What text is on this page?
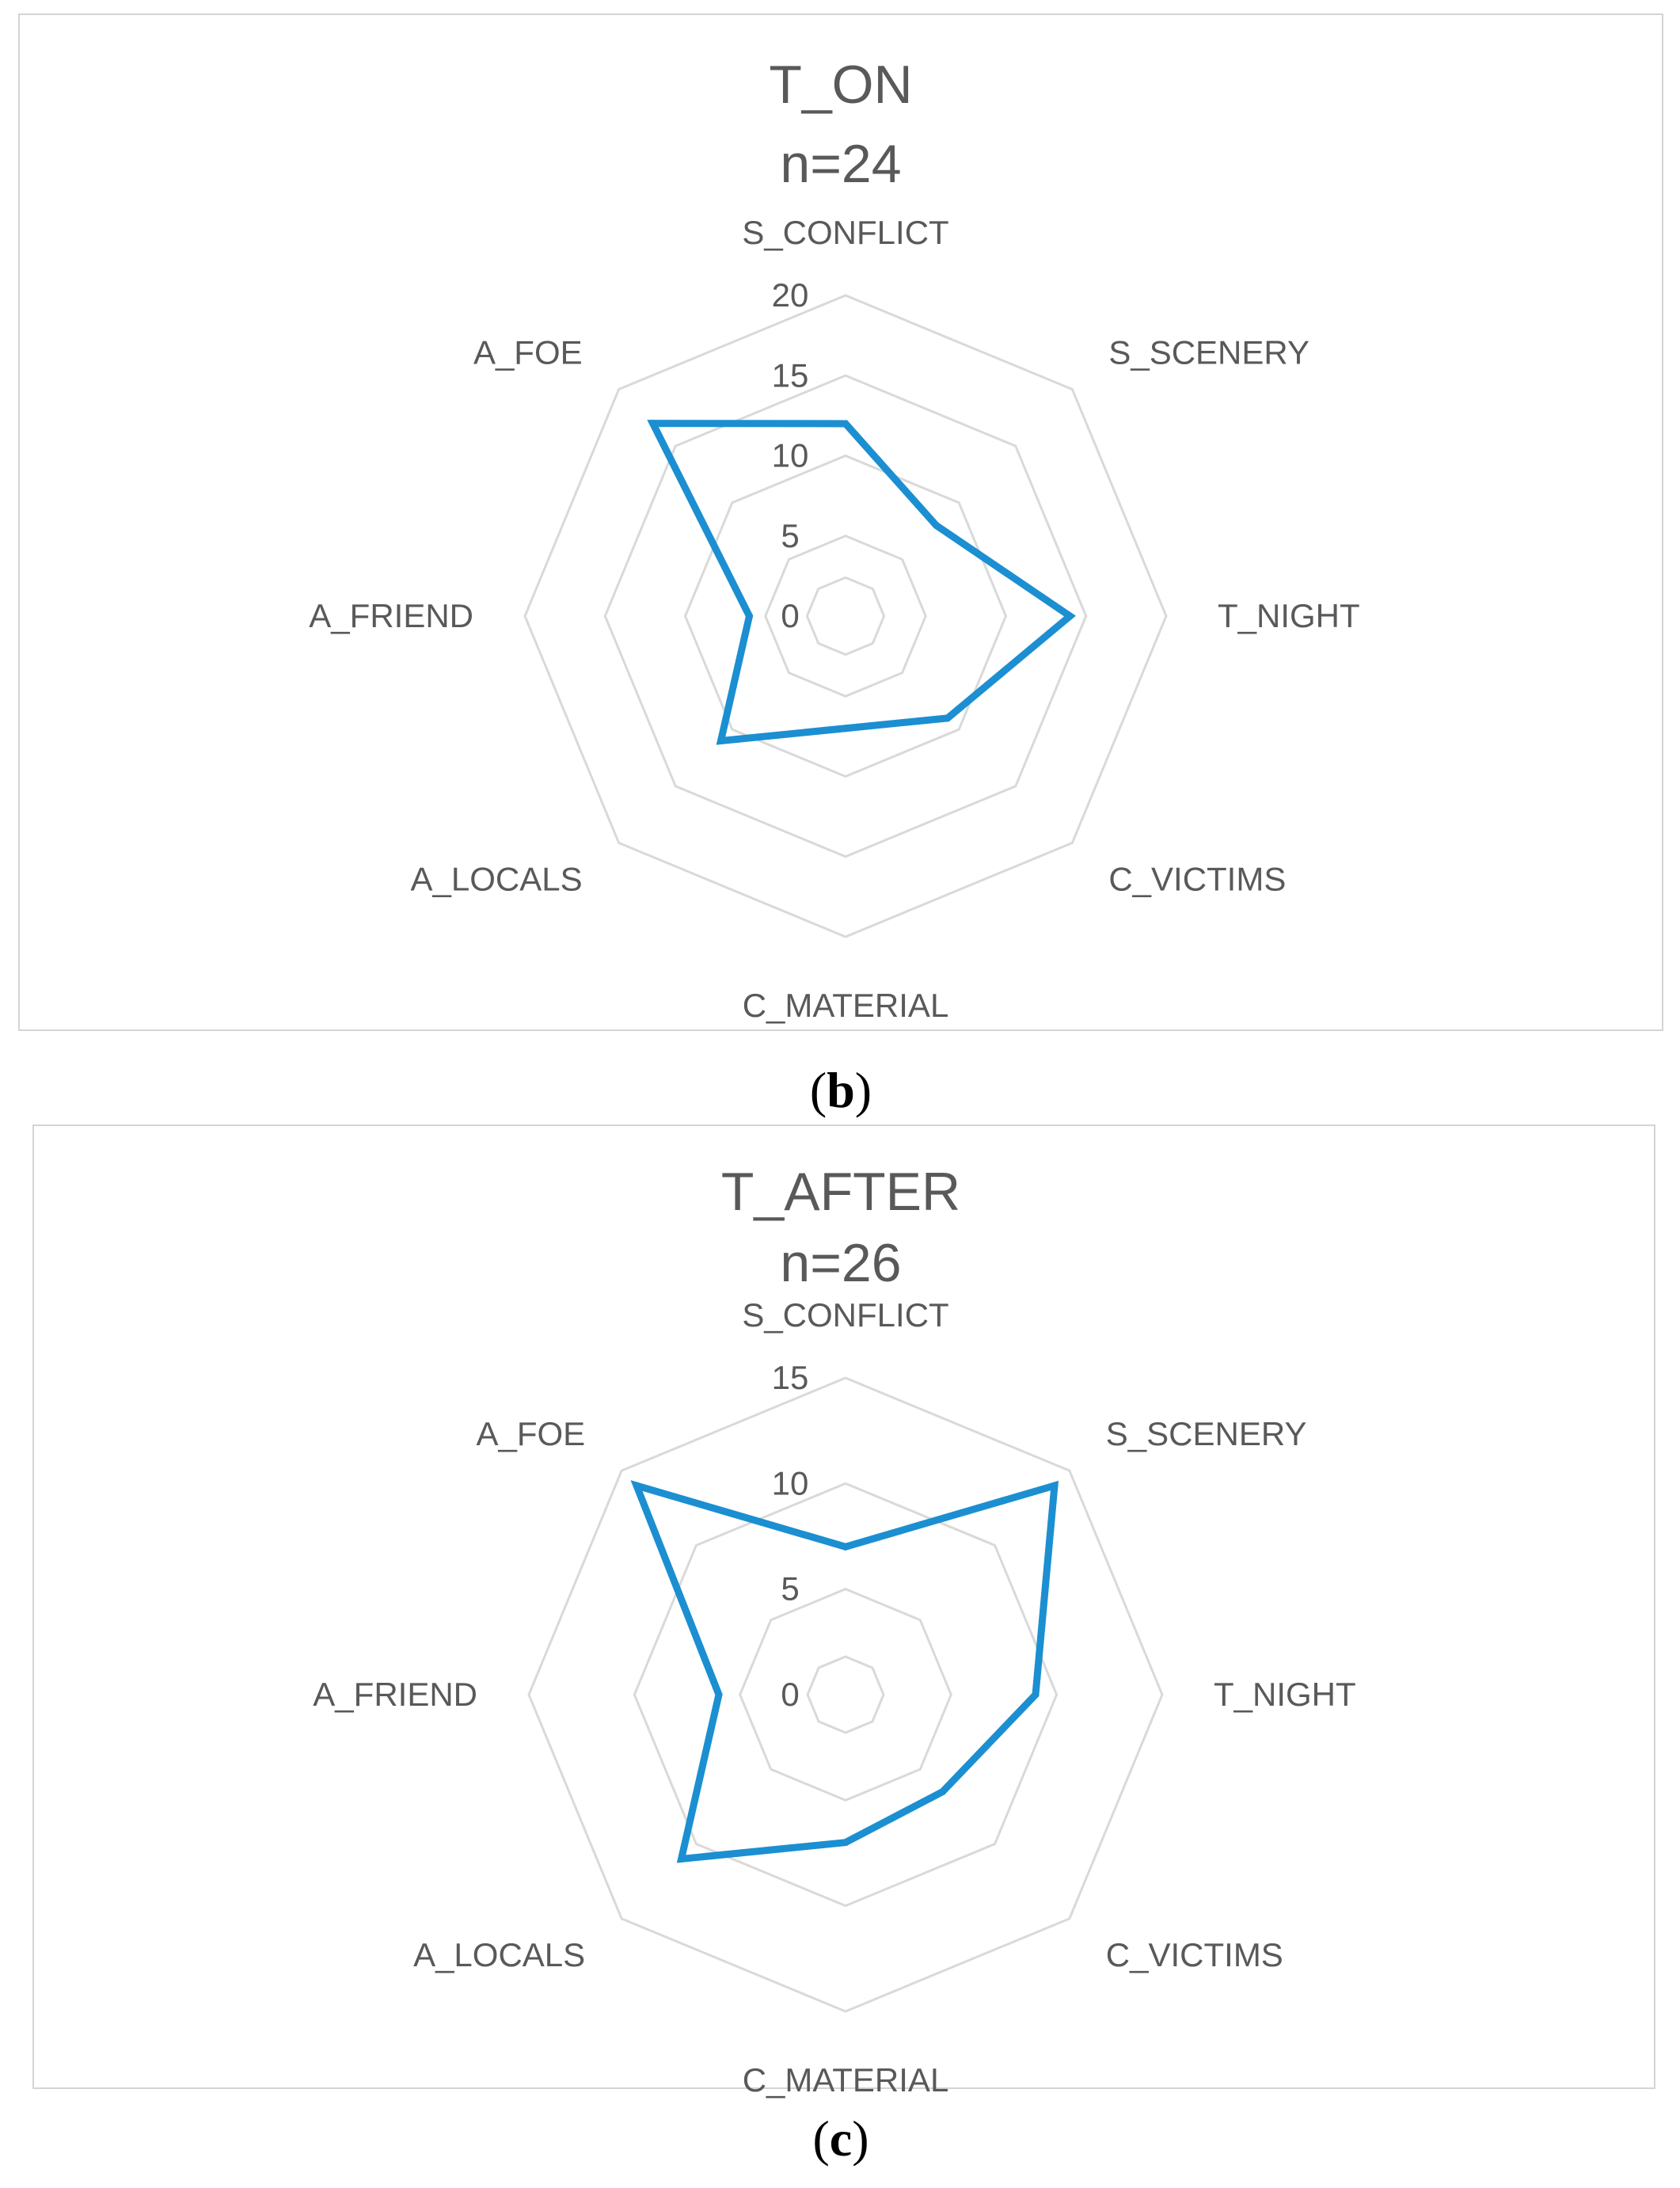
T_ON
n=24
0
5
10
15
20
S_CONFLICT
S_SCENERY
T_NIGHT
C_VICTIMS
C_MATERIAL
A_LOCALS
A_FRIEND
A_FOE
(b)
T_AFTER
n=26
0
5
10
15
S_CONFLICT
S_SCENERY
T_NIGHT
C_VICTIMS
C_MATERIAL
A_LOCALS
A_FRIEND
A_FOE
(c)
